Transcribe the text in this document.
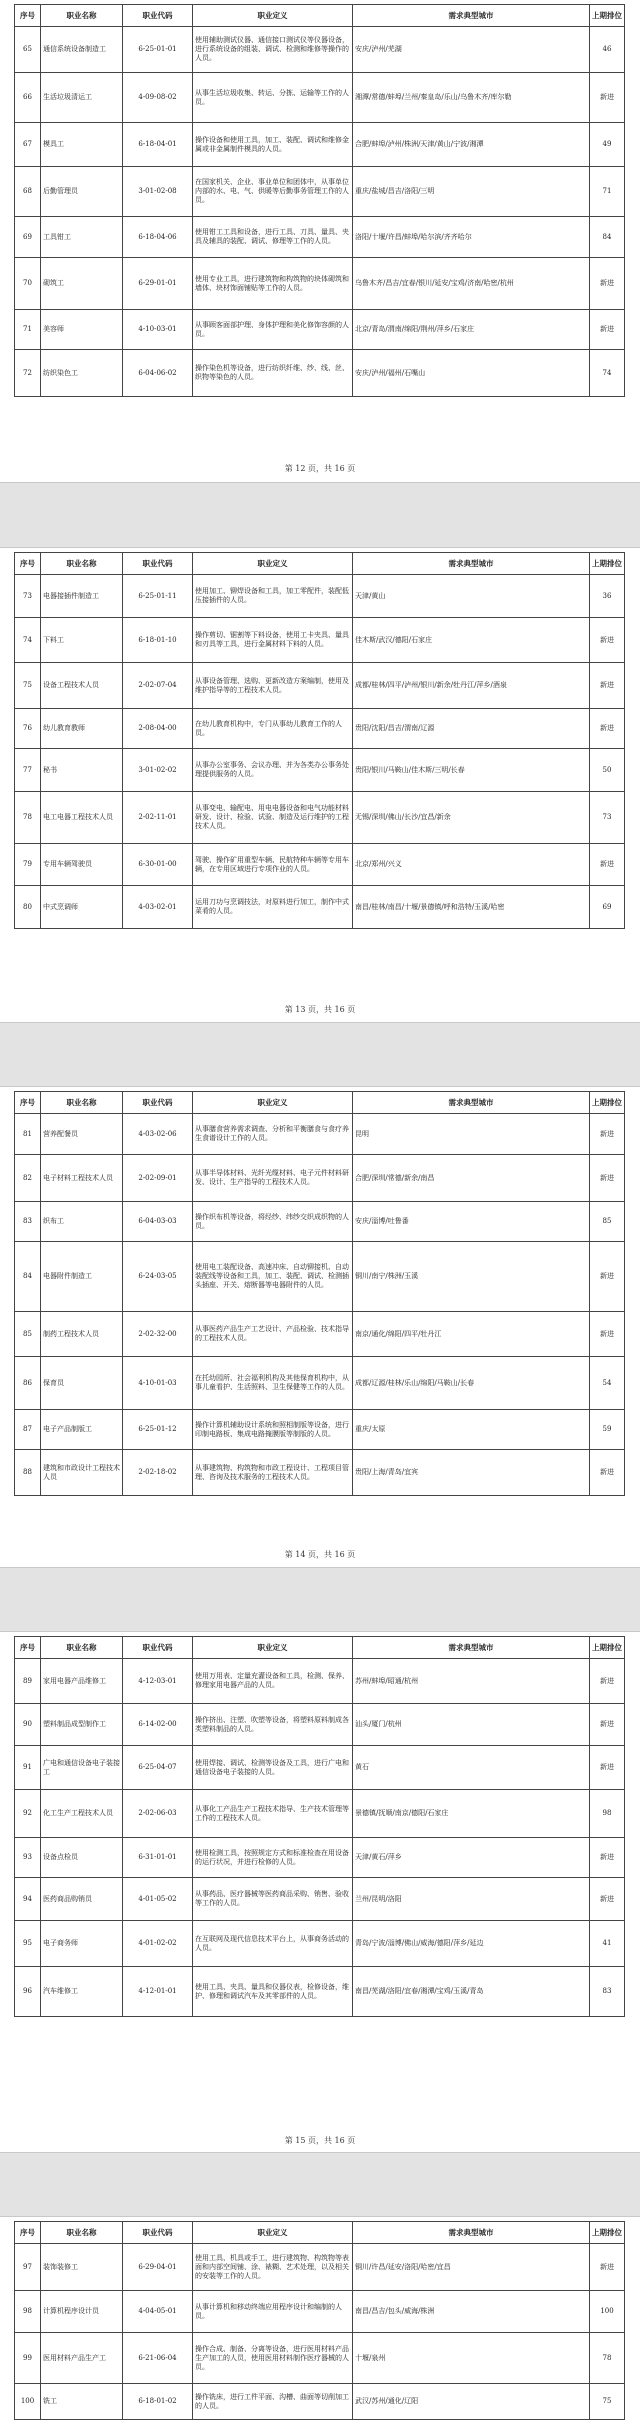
序号	职业名称	职业代码	职业定义	需求典型城市	上期排位
65	通信系统设备制造工	6-25-01-01	使用辅助测试仪器、通信接口测试仪等仪器设备，进行系统设备的组装、调试、检测和维修等操作的人员。	安庆/泸州/芜湖	46
66	生活垃圾清运工	4-09-08-02	从事生活垃圾收集、转运、分拣、运输等工作的人员。	湘潭/常德/蚌埠/兰州/秦皇岛/乐山/乌鲁木齐/库尔勒	新进
67	模具工	6-18-04-01	操作设备和使用工具，加工、装配、调试和维修金属或非金属制件模具的人员。	合肥/蚌埠/泸州/株洲/天津/黄山/宁波/湘潭	49
68	后勤管理员	3-01-02-08	在国家机关、企业、事业单位和团体中，从事单位内部的水、电、气、供暖等后勤事务管理工作的人员。	重庆/盐城/昌吉/洛阳/三明	71
69	工具钳工	6-18-04-06	使用钳工工具和设备，进行工具、刀具、量具、夹具及辅具的装配、调试、修理等工作的人员。	洛阳/十堰/许昌/蚌埠/哈尔滨/齐齐哈尔	84
70	砌筑工	6-29-01-01	使用专业工具，进行建筑物和构筑物的块体砌筑和墙体、块材饰面铺贴等工作的人员。	乌鲁木齐/昌吉/宜春/银川/延安/宝鸡/济南/哈密/杭州	新进
71	美容师	4-10-03-01	从事顾客面部护理、身体护理和美化修饰容颜的人员。	北京/青岛/渭南/绵阳/荆州/萍乡/石家庄	新进
72	纺织染色工	6-04-06-02	操作染色机等设备，进行纺织纤维、纱、线、丝、织物等染色的人员。	安庆/泸州/福州/石嘴山	74
第 12 页，共 16 页
序号	职业名称	职业代码	职业定义	需求典型城市	上期排位
73	电器接插件制造工	6-25-01-11	使用加工、铆焊设备和工具，加工零配件，装配低压接插件的人员。	天津/黄山	36
74	下料工	6-18-01-10	操作剪切、锯割等下料设备，使用工卡夹具、量具和刃具等工具，进行金属材料下料的人员。	佳木斯/武汉/德阳/石家庄	新进
75	设备工程技术人员	2-02-07-04	从事设备管理、选购、更新改造方案编制，使用及维护指导等的工程技术人员。	成都/桂林/四平/泸州/银川/新余/牡丹江/萍乡/酒泉	新进
76	幼儿教育教师	2-08-04-00	在幼儿教育机构中，专门从事幼儿教育工作的人员。	贵阳/沈阳/昌吉/渭南/辽源	新进
77	秘书	3-01-02-02	从事办公室事务、会议办理、并为各类办公事务处理提供服务的人员。	贵阳/银川/马鞍山/佳木斯/三明/长春	50
78	电工电器工程技术人员	2-02-11-01	从事变电、输配电、用电电器设备和电气功能材料研发、设计、检验、试验、制造及运行维护的工程技术人员。	无锡/深圳/佛山/长沙/宜昌/新余	73
79	专用车辆驾驶员	6-30-01-00	驾驶、操作矿用重型车辆、民航特种车辆等专用车辆，在专用区域进行专项作业的人员。	北京/郑州/兴义	新进
80	中式烹调师	4-03-02-01	运用刀功与烹调技法，对原料进行加工，制作中式菜肴的人员。	南昌/桂林/南昌/十堰/景德镇/呼和浩特/玉溪/哈密	69
第 13 页，共 16 页
序号	职业名称	职业代码	职业定义	需求典型城市	上期排位
81	营养配餐员	4-03-02-06	从事膳食营养需求调查、分析和平衡膳食与食疗养生食谱设计工作的人员。	昆明	新进
82	电子材料工程技术人员	2-02-09-01	从事半导体材料、光纤光缆材料、电子元件材料研发、设计、生产指导的工程技术人员。	合肥/深圳/常德/新余/南昌	新进
83	织布工	6-04-03-03	操作织布机等设备，将经纱、纬纱交织成织物的人员。	安庆/淄博/吐鲁番	85
84	电器附件制造工	6-24-03-05	使用电工装配设备、高速冲床、自动铆接机、自动装配线等设备和工具，加工、装配、调试、检测插头插座、开关、熔断器等电器附件的人员。	铜川/南宁/株洲/玉溪	新进
85	制药工程技术人员	2-02-32-00	从事医药产品生产工艺设计、产品检验、技术指导的工程技术人员。	南京/通化/绵阳/四平/牡丹江	新进
86	保育员	4-10-01-03	在托幼园所、社会福利机构及其他保育机构中，从事儿童看护、生活照料、卫生保健等工作的人员。	成都/辽源/桂林/乐山/绵阳/马鞍山/长春	54
87	电子产品制版工	6-25-01-12	操作计算机辅助设计系统和照相制版等设备，进行印制电路板、集成电路掩膜版等制版的人员。	重庆/太原	59
88	建筑和市政设计工程技术人员	2-02-18-02	从事建筑物、构筑物和市政工程设计、工程项目管理、咨询及技术服务的工程技术人员。	贵阳/上海/青岛/宜宾	新进
第 14 页，共 16 页
序号	职业名称	职业代码	职业定义	需求典型城市	上期排位
89	家用电器产品维修工	4-12-03-01	使用万用表、定量充灌设备和工具，检测、保养、修理家用电器产品的人员。	苏州/蚌埠/昭通/杭州	新进
90	塑料制品成型制作工	6-14-02-00	操作挤出、注塑、吹塑等设备，将塑料原料制成各类塑料制品的人员。	汕头/厦门/杭州	新进
91	广电和通信设备电子装接工	6-25-04-07	使用焊接、调试、检测等设备及工具，进行广电和通信设备电子装接的人员。	黄石	新进
92	化工生产工程技术人员	2-02-06-03	从事化工产品生产工程技术指导、生产技术管理等工作的工程技术人员。	景德镇/抚顺/南京/德阳/石家庄	98
93	设备点检员	6-31-01-01	使用检测工具，按照规定方式和标准检查在用设备的运行状况，并进行检修的人员。	天津/黄石/萍乡	新进
94	医药商品购销员	4-01-05-02	从事药品、医疗器械等医药商品采购、销售、验收等工作的人员。	兰州/昆明/洛阳	新进
95	电子商务师	4-01-02-02	在互联网及现代信息技术平台上，从事商务活动的人员。	青岛/宁波/淄博/佛山/威海/德阳/萍乡/延边	41
96	汽车维修工	4-12-01-01	使用工具、夹具、量具和仪器仪表，检修设备，维护、修理和调试汽车及其零部件的人员。	南昌/芜湖/洛阳/宜春/湘潭/宝鸡/玉溪/青岛	83
第 15 页，共 16 页
序号	职业名称	职业代码	职业定义	需求典型城市	上期排位
97	装饰装修工	6-29-04-01	使用工具、机具或手工，进行建筑物、构筑物等表面和内部空间铺、涂、裱糊、艺术处理，以及相关的安装等工作的人员。	铜川/许昌/延安/洛阳/哈密/宜昌	新进
98	计算机程序设计员	4-04-05-01	从事计算机和移动终端应用程序设计和编制的人员。	南昌/昌吉/包头/威海/株洲	100
99	医用材料产品生产工	6-21-06-04	操作合成、制备、分离等设备，进行医用材料产品生产加工的人员，使用医用材料制作医疗器械的人员。	十堰/泉州	78
100	铣工	6-18-01-02	操作铣床，进行工件平面、沟槽、曲面等切削加工的人员。	武汉/苏州/通化/辽阳	75
